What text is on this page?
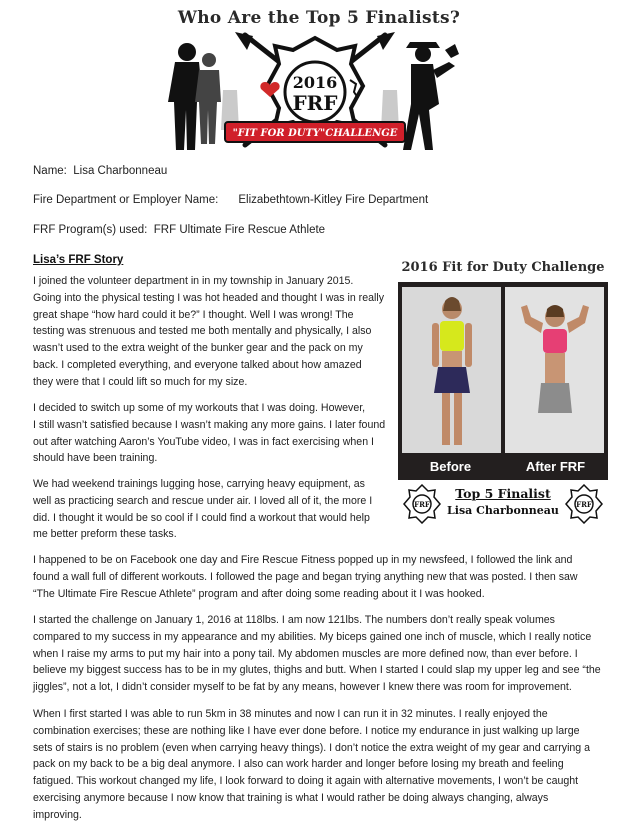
Who Are the Top 5 Finalists?
2016
FRF
"FIT FOR DUTY"CHALLENGE
Name: Lisa Charbonneau
Fire Department or Employer Name: Elizabethtown-Kitley Fire Department
FRF Program(s) used: FRF Ultimate Fire Rescue Athlete
Lisa’s FRF Story

I joined the volunteer department in in my township in January 2015.

Going into the physical testing I was hot headed and thought I was in really

great shape “how hard could it be?” I thought. Well I was wrong! The

testing was strenuous and tested me both mentally and physically, I also

wasn’t used to the extra weight of the bunker gear and the pack on my

back. I completed everything, and everyone talked about how amazed

they were that I could lift so much for my size.

I decided to switch up some of my workouts that I was doing. However,

I still wasn’t satisfied because I wasn’t making any more gains. I later found

out after watching Aaron’s YouTube video, I was in fact exercising when I

should have been training.

We had weekend trainings lugging hose, carrying heavy equipment, as

well as practicing search and rescue under air. I loved all of it, the more I

did. I thought it would be so cool if I could find a workout that would help

me better preform these tasks.

I happened to be on Facebook one day and Fire Rescue Fitness popped up in my newsfeed, I followed the link and

found a wall full of different workouts. I followed the page and began trying anything new that was posted. I then saw

“The Ultimate Fire Rescue Athlete” program and after doing some reading about it I was hooked.

I started the challenge on January 1, 2016 at 118lbs. I am now 121lbs. The numbers don’t really speak volumes

compared to my success in my appearance and my abilities. My biceps gained one inch of muscle, which I really notice

when I raise my arms to put my hair into a pony tail. My abdomen muscles are more defined now, than ever before. I

believe my biggest success has to be in my glutes, thighs and butt. When I started I could slap my upper leg and see “the

jiggles”, not a lot, I didn’t consider myself to be fat by any means, however I knew there was room for improvement.

When I first started I was able to run 5km in 38 minutes and now I can run it in 32 minutes. I really enjoyed the

combination exercises; these are nothing like I have ever done before. I notice my endurance in just walking up large

sets of stairs is no problem (even when carrying heavy things). I don’t notice the extra weight of my gear and carrying a

pack on my back to be a big deal anymore. I also can work harder and longer before losing my breath and feeling

fatigued. This workout changed my life, I look forward to doing it again with alternative movements, I won’t be caught

exercising anymore because I now know that training is what I would rather be doing always changing, always

improving.

2016 Fit for Duty Challenge
Before	After FRF
FRF
Top 5 Finalist
Lisa Charbonneau	FRF
